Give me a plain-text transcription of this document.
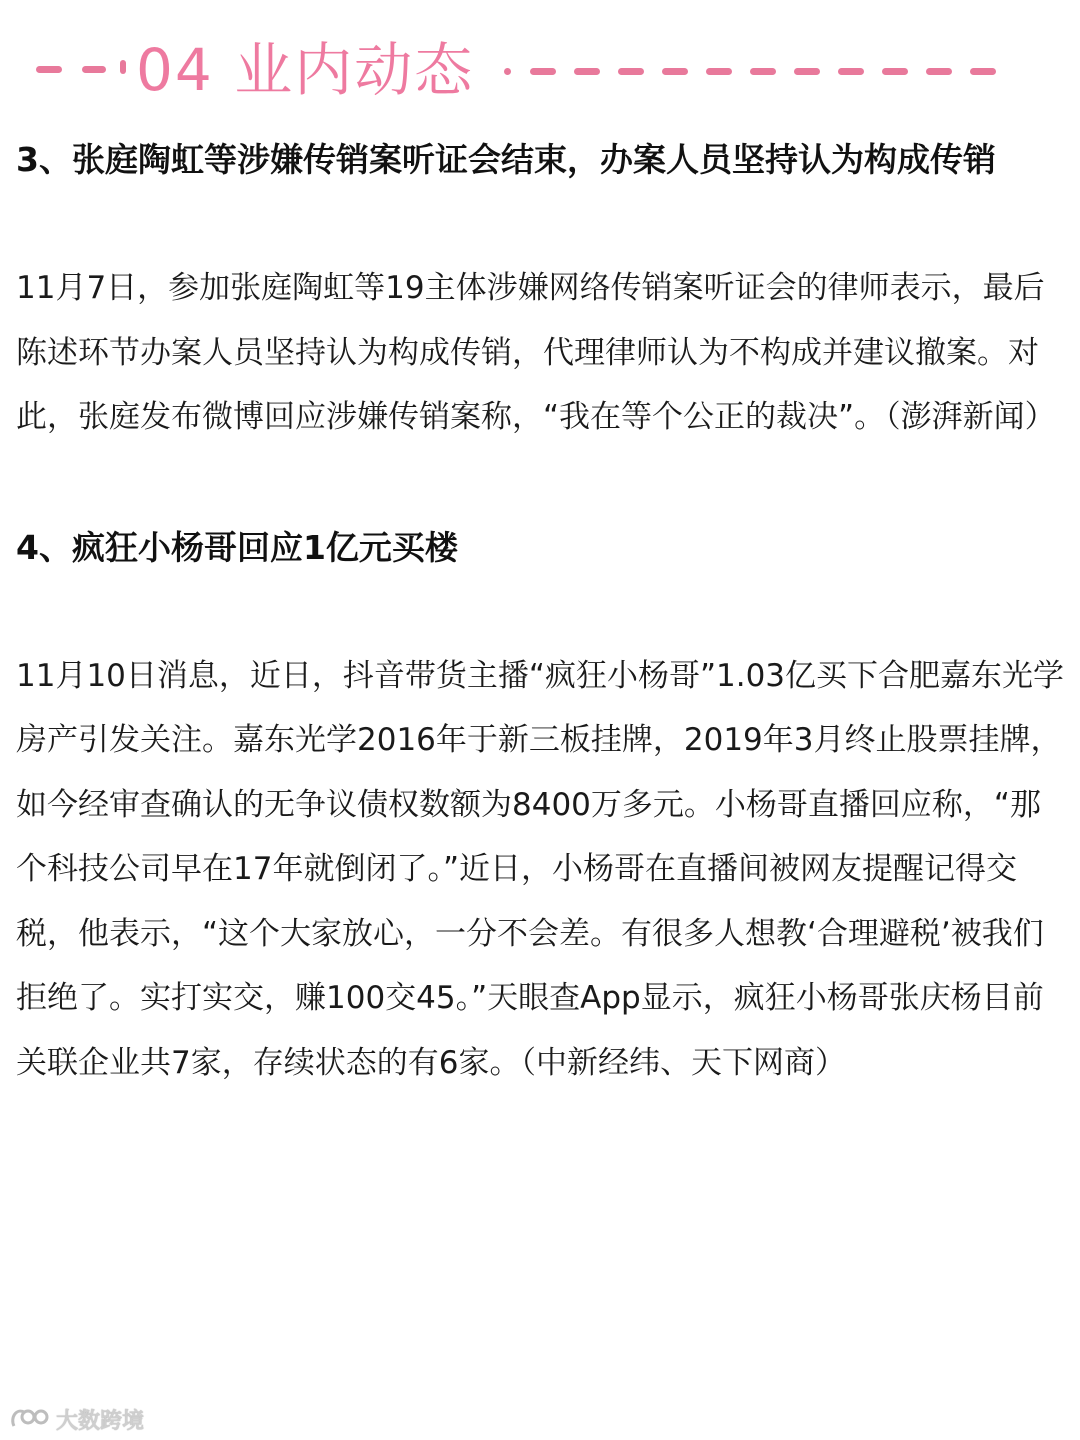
04 业内动态
3、张庭陶虹等涉嫌传销案听证会结束，办案人员坚持认为构成传销

11月7日，参加张庭陶虹等19主体涉嫌网络传销案听证会的律师表示，最后陈述环节办案人员坚持认为构成传销，代理律师认为不构成并建议撤案。对此，张庭发布微博回应涉嫌传销案称，“我在等个公正的裁决”。（澎湃新闻）

4、疯狂小杨哥回应1亿元买楼

11月10日消息，近日，抖音带货主播“疯狂小杨哥”1.03亿买下合肥嘉东光学房产引发关注。嘉东光学2016年于新三板挂牌，2019年3月终止股票挂牌，如今经审查确认的无争议债权数额为8400万多元。小杨哥直播回应称，“那个科技公司早在17年就倒闭了。”近日，小杨哥在直播间被网友提醒记得交税，他表示，“这个大家放心，一分不会差。有很多人想教‘合理避税’被我们拒绝了。实打实交，赚100交45。”天眼查App显示，疯狂小杨哥张庆杨目前关联企业共7家，存续状态的有6家。（中新经纬、天下网商）

大数跨境
